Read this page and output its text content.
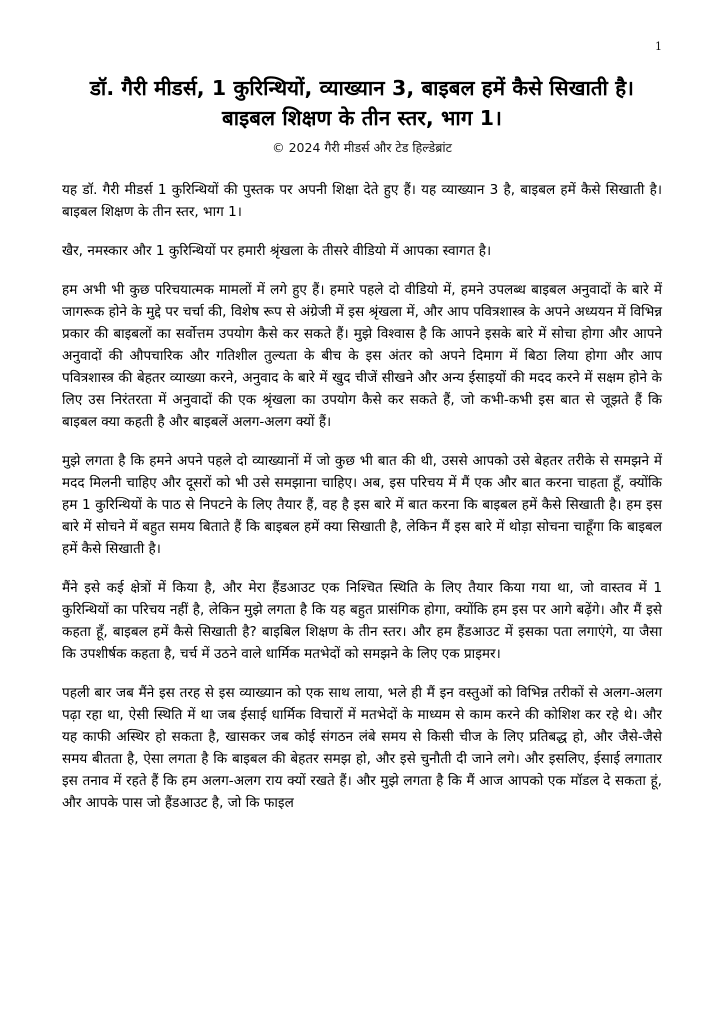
1
डॉ. गैरी मीडर्स, 1 कुरिन्थियों, व्याख्यान 3, बाइबल हमें कैसे सिखाती है। बाइबल शिक्षण के तीन स्तर, भाग 1।
© 2024 गैरी मीडर्स और टेड हिल्डेब्रांट

यह डॉ. गैरी मीडर्स 1 कुरिन्थियों की पुस्तक पर अपनी शिक्षा देते हुए हैं। यह व्याख्यान 3 है, बाइबल हमें कैसे सिखाती है। बाइबल शिक्षण के तीन स्तर, भाग 1।

खैर, नमस्कार और 1 कुरिन्थियों पर हमारी श्रृंखला के तीसरे वीडियो में आपका स्वागत है।

हम अभी भी कुछ परिचयात्मक मामलों में लगे हुए हैं। हमारे पहले दो वीडियो में, हमने उपलब्ध बाइबल अनुवादों के बारे में जागरूक होने के मुद्दे पर चर्चा की, विशेष रूप से अंग्रेजी में इस श्रृंखला में, और आप पवित्रशास्त्र के अपने अध्ययन में विभिन्न प्रकार की बाइबलों का सर्वोत्तम उपयोग कैसे कर सकते हैं। मुझे विश्वास है कि आपने इसके बारे में सोचा होगा और आपने अनुवादों की औपचारिक और गतिशील तुल्यता के बीच के इस अंतर को अपने दिमाग में बिठा लिया होगा और आप पवित्रशास्त्र की बेहतर व्याख्या करने, अनुवाद के बारे में खुद चीजें सीखने और अन्य ईसाइयों की मदद करने में सक्षम होने के लिए उस निरंतरता में अनुवादों की एक श्रृंखला का उपयोग कैसे कर सकते हैं, जो कभी-कभी इस बात से जूझते हैं कि बाइबल क्या कहती है और बाइबलें अलग-अलग क्यों हैं।

मुझे लगता है कि हमने अपने पहले दो व्याख्यानों में जो कुछ भी बात की थी, उससे आपको उसे बेहतर तरीके से समझने में मदद मिलनी चाहिए और दूसरों को भी उसे समझाना चाहिए। अब, इस परिचय में मैं एक और बात करना चाहता हूँ, क्योंकि हम 1 कुरिन्थियों के पाठ से निपटने के लिए तैयार हैं, वह है इस बारे में बात करना कि बाइबल हमें कैसे सिखाती है। हम इस बारे में सोचने में बहुत समय बिताते हैं कि बाइबल हमें क्या सिखाती है, लेकिन मैं इस बारे में थोड़ा सोचना चाहूँगा कि बाइबल हमें कैसे सिखाती है।

मैंने इसे कई क्षेत्रों में किया है, और मेरा हैंडआउट एक निश्चित स्थिति के लिए तैयार किया गया था, जो वास्तव में 1 कुरिन्थियों का परिचय नहीं है, लेकिन मुझे लगता है कि यह बहुत प्रासंगिक होगा, क्योंकि हम इस पर आगे बढ़ेंगे। और मैं इसे कहता हूँ, बाइबल हमें कैसे सिखाती है? बाइबिल शिक्षण के तीन स्तर। और हम हैंडआउट में इसका पता लगाएंगे, या जैसा कि उपशीर्षक कहता है, चर्च में उठने वाले धार्मिक मतभेदों को समझने के लिए एक प्राइमर।

पहली बार जब मैंने इस तरह से इस व्याख्यान को एक साथ लाया, भले ही मैं इन वस्तुओं को विभिन्न तरीकों से अलग-अलग पढ़ा रहा था, ऐसी स्थिति में था जब ईसाई धार्मिक विचारों में मतभेदों के माध्यम से काम करने की कोशिश कर रहे थे। और यह काफी अस्थिर हो सकता है, खासकर जब कोई संगठन लंबे समय से किसी चीज के लिए प्रतिबद्ध हो, और जैसे-जैसे समय बीतता है, ऐसा लगता है कि बाइबल की बेहतर समझ हो, और इसे चुनौती दी जाने लगे। और इसलिए, ईसाई लगातार इस तनाव में रहते हैं कि हम अलग-अलग राय क्यों रखते हैं। और मुझे लगता है कि मैं आज आपको एक मॉडल दे सकता हूं, और आपके पास जो हैंडआउट है, जो कि फाइल
